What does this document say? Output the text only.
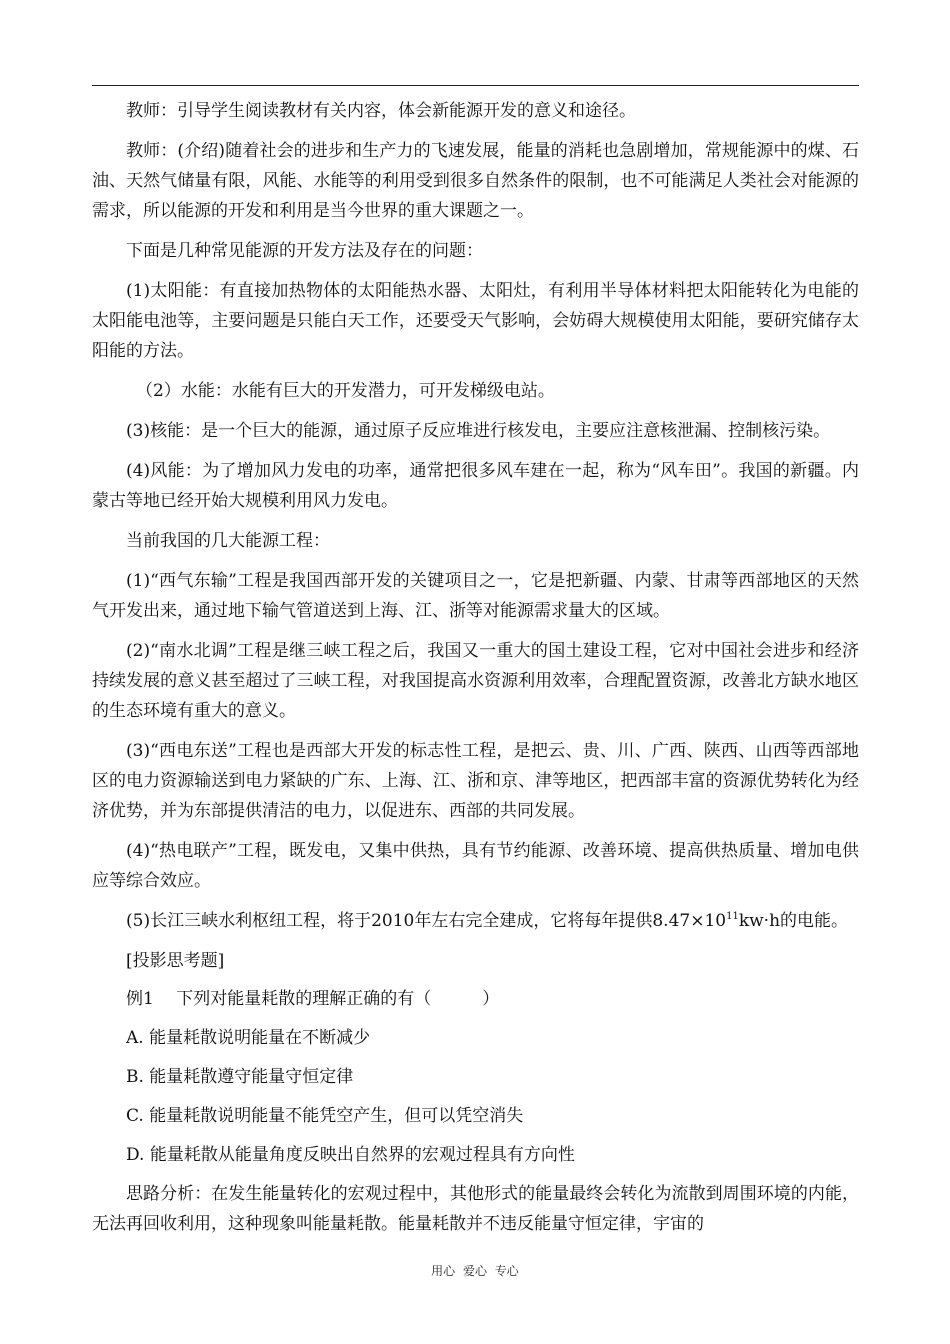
教师：引导学生阅读教材有关内容，体会新能源开发的意义和途径。

教师：(介绍)随着社会的进步和生产力的飞速发展，能量的消耗也急剧增加，常规能源中的煤、石油、天然气储量有限，风能、水能等的利用受到很多自然条件的限制，也不可能满足人类社会对能源的需求，所以能源的开发和利用是当今世界的重大课题之一。

下面是几种常见能源的开发方法及存在的问题：

(1)太阳能：有直接加热物体的太阳能热水器、太阳灶，有利用半导体材料把太阳能转化为电能的太阳能电池等，主要问题是只能白天工作，还要受天气影响，会妨碍大规模使用太阳能，要研究储存太阳能的方法。

（2）水能：水能有巨大的开发潜力，可开发梯级电站。

(3)核能：是一个巨大的能源，通过原子反应堆进行核发电，主要应注意核泄漏、控制核污染。

(4)风能：为了增加风力发电的功率，通常把很多风车建在一起，称为“风车田”。我国的新疆。内蒙古等地已经开始大规模利用风力发电。

当前我国的几大能源工程：

(1)“西气东输”工程是我国西部开发的关键项目之一，它是把新疆、内蒙、甘肃等西部地区的天然气开发出来，通过地下输气管道送到上海、江、浙等对能源需求量大的区域。

(2)“南水北调”工程是继三峡工程之后，我国又一重大的国土建设工程，它对中国社会进步和经济持续发展的意义甚至超过了三峡工程，对我国提高水资源利用效率，合理配置资源，改善北方缺水地区的生态环境有重大的意义。

(3)“西电东送”工程也是西部大开发的标志性工程，是把云、贵、川、广西、陕西、山西等西部地区的电力资源输送到电力紧缺的广东、上海、江、浙和京、津等地区，把西部丰富的资源优势转化为经济优势，并为东部提供清洁的电力，以促进东、西部的共同发展。

(4)“热电联产”工程，既发电，又集中供热，具有节约能源、改善环境、提高供热质量、增加电供应等综合效应。

(5)长江三峡水利枢纽工程，将于2010年左右完全建成，它将每年提供$8.47\times 10^{11}kw\cdot h$的电能。

[投影思考题]

例1　 下列对能量耗散的理解正确的有（　　　）

A. 能量耗散说明能量在不断减少

B. 能量耗散遵守能量守恒定律

C. 能量耗散说明能量不能凭空产生，但可以凭空消失

D. 能量耗散从能量角度反映出自然界的宏观过程具有方向性

思路分析：在发生能量转化的宏观过程中，其他形式的能量最终会转化为流散到周围环境的内能，无法再回收利用，这种现象叫能量耗散。能量耗散并不违反能量守恒定律，宇宙的

用心 爱心 专心
